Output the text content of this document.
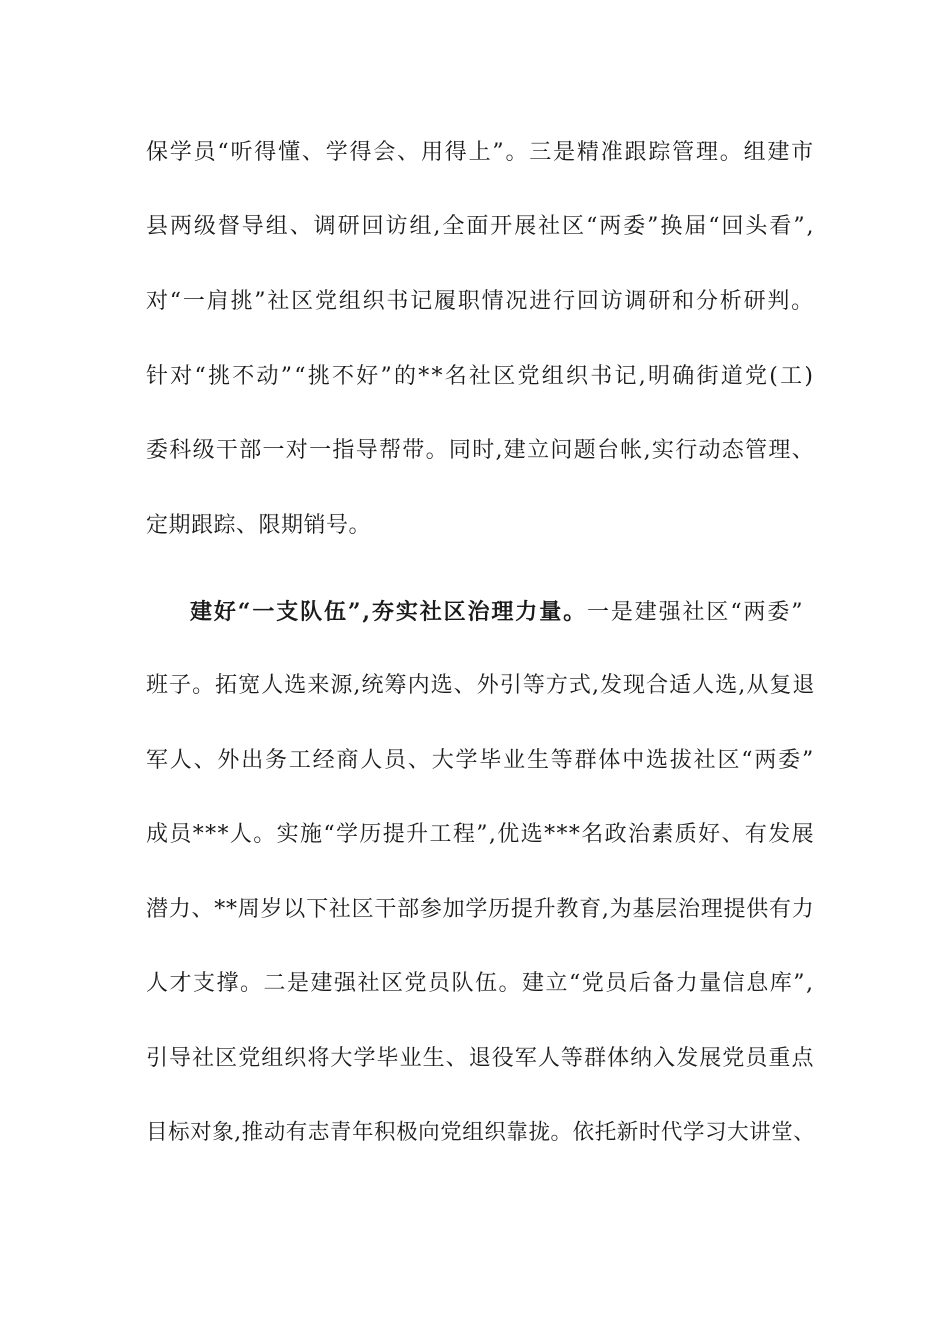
保学员“听得懂、学得会、用得上”。三是精准跟踪管理。组建市
县两级督导组、调研回访组,全面开展社区“两委”换届“回头看”,
对“一肩挑”社区党组织书记履职情况进行回访调研和分析研判。
针对“挑不动”“挑不好”的**名社区党组织书记,明确街道党(工)
委科级干部一对一指导帮带。同时,建立问题台帐,实行动态管理、
定期跟踪、限期销号。
建好“一支队伍”,夯实社区治理力量。一是建强社区“两委”
班子。拓宽人选来源,统筹内选、外引等方式,发现合适人选,从复退
军人、外出务工经商人员、大学毕业生等群体中选拔社区“两委”
成员***人。实施“学历提升工程”,优选***名政治素质好、有发展
潜力、**周岁以下社区干部参加学历提升教育,为基层治理提供有力
人才支撑。二是建强社区党员队伍。建立“党员后备力量信息库”,
引导社区党组织将大学毕业生、退役军人等群体纳入发展党员重点
目标对象,推动有志青年积极向党组织靠拢。依托新时代学习大讲堂、
